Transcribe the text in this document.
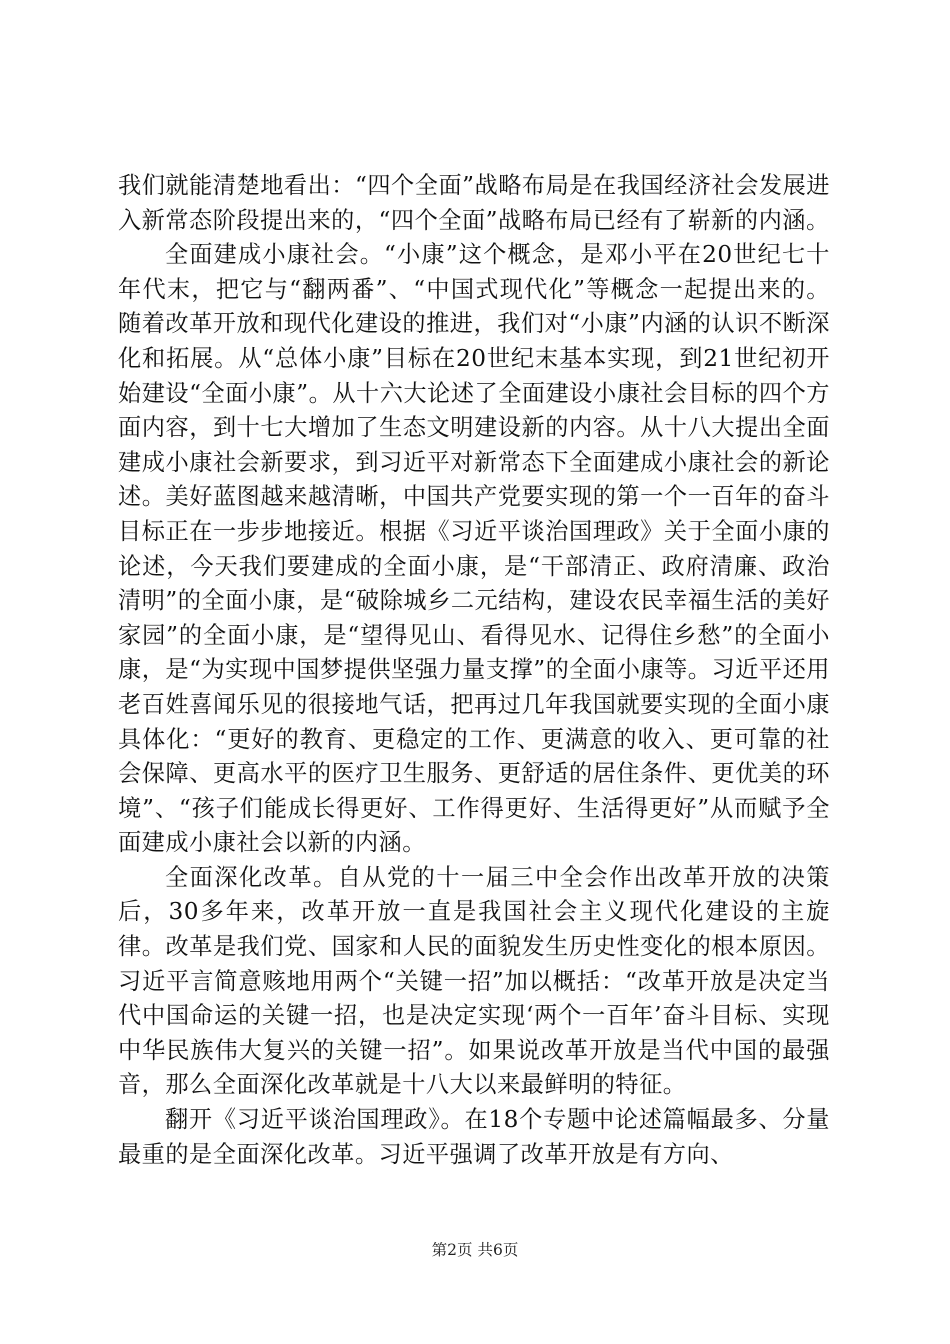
我们就能清楚地看出：“四个全面”战略布局是在我国经济社会发展进入新常态阶段提出来的，“四个全面”战略布局已经有了崭新的内涵。

全面建成小康社会。“小康”这个概念，是邓小平在20世纪七十年代末，把它与“翻两番”、“中国式现代化”等概念一起提出来的。随着改革开放和现代化建设的推进，我们对“小康”内涵的认识不断深化和拓展。从“总体小康”目标在20世纪末基本实现，到21世纪初开始建设“全面小康”。从十六大论述了全面建设小康社会目标的四个方面内容，到十七大增加了生态文明建设新的内容。从十八大提出全面建成小康社会新要求，到习近平对新常态下全面建成小康社会的新论述。美好蓝图越来越清晰，中国共产党要实现的第一个一百年的奋斗目标正在一步步地接近。根据《习近平谈治国理政》关于全面小康的论述，今天我们要建成的全面小康，是“干部清正、政府清廉、政治清明”的全面小康，是“破除城乡二元结构，建设农民幸福生活的美好家园”的全面小康，是“望得见山、看得见水、记得住乡愁”的全面小康，是“为实现中国梦提供坚强力量支撑”的全面小康等。习近平还用老百姓喜闻乐见的很接地气话，把再过几年我国就要实现的全面小康具体化：“更好的教育、更稳定的工作、更满意的收入、更可靠的社会保障、更高水平的医疗卫生服务、更舒适的居住条件、更优美的环境”、“孩子们能成长得更好、工作得更好、生活得更好”从而赋予全面建成小康社会以新的内涵。

全面深化改革。自从党的十一届三中全会作出改革开放的决策后，30多年来，改革开放一直是我国社会主义现代化建设的主旋律。改革是我们党、国家和人民的面貌发生历史性变化的根本原因。习近平言简意赅地用两个“关键一招”加以概括：“改革开放是决定当代中国命运的关键一招，也是决定实现‘两个一百年’奋斗目标、实现中华民族伟大复兴的关键一招”。如果说改革开放是当代中国的最强音，那么全面深化改革就是十八大以来最鲜明的特征。

翻开《习近平谈治国理政》。在18个专题中论述篇幅最多、分量最重的是全面深化改革。习近平强调了改革开放是有方向、

第2页 共6页
